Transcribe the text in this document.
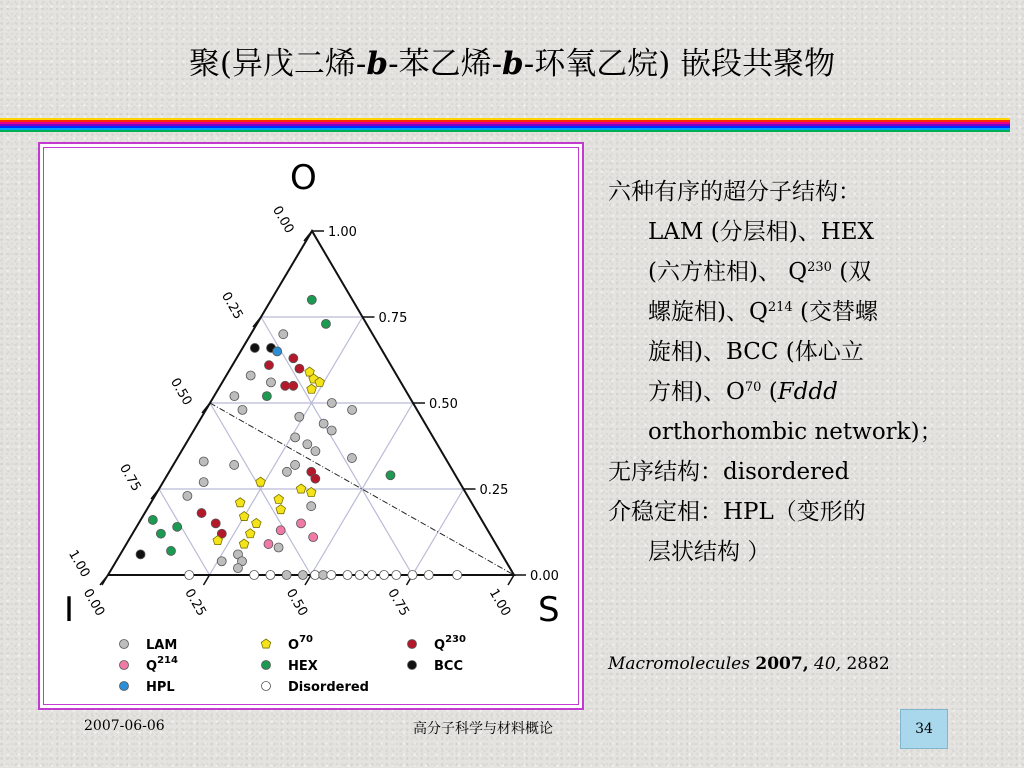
聚(异戊二烯-b-苯乙烯-b-环氧乙烷) 嵌段共聚物
1.00
0.75
0.50
0.25
0.00
0.00
0.25
0.50
0.75
1.00
0.00	0.25	0.50	0.75	1.00
O
I	S
LAM	$O^{70}$	$Q^{230}$
$Q^{214}$	HEX	BCC
HPL	Disordered

六种有序的超分子结构：

LAM (分层相)、HEX

(六方柱相)、 $Q^{230}$ (双

螺旋相)、$Q^{214}$ (交替螺

旋相)、BCC (体心立

方相)、$O^{70}$ (Fddd

orthorhombic network)；

无序结构：disordered

介稳定相：HPL（变形的

层状结构 ）

Macromolecules 2007, 40, 2882
2007-06-06	高分子科学与材料概论	34
